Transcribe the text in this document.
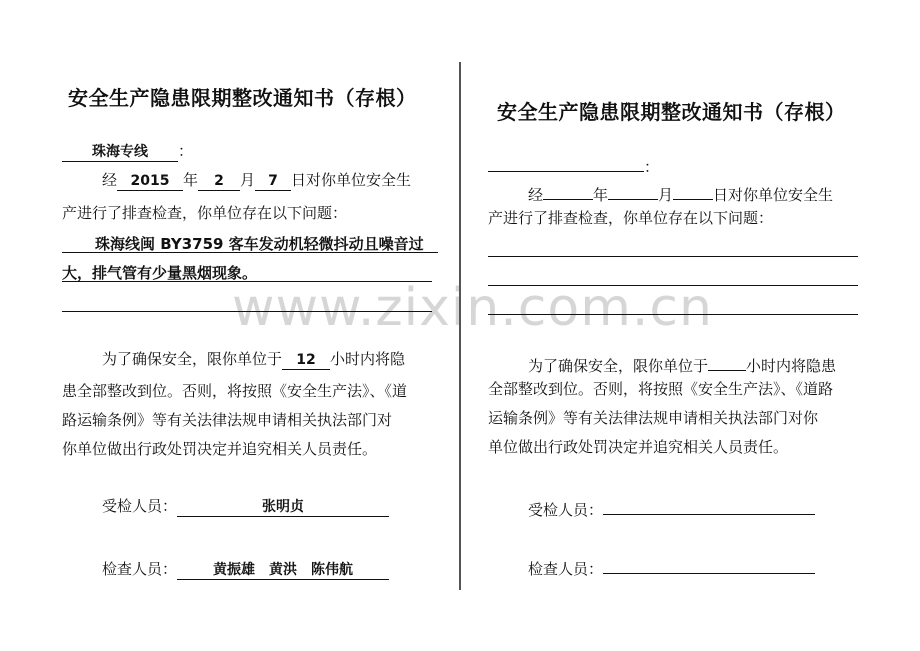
www.zixin.com.cn
安全生产隐患限期整改通知书（存根）
珠海专线 ：
经 2015 年 2 月 7 日对你单位安全生
产进行了排查检查，你单位存在以下问题：
珠海线闽 BY3759 客车发动机轻微抖动且噪音过
大，排气管有少量黑烟现象。
为了确保安全，限你单位于 12 小时内将隐
患全部整改到位。否则，将按照《安全生产法》、《道
路运输条例》等有关法律法规申请相关执法部门对
你单位做出行政处罚决定并追究相关人员责任。
受检人员：	张明贞
检查人员：	黄振雄　黄洪　陈伟航
安全生产隐患限期整改通知书（存根）
：
经	年	月	日对你单位安全生
产进行了排查检查，你单位存在以下问题：
为了确保安全，限你单位于	小时内将隐患
全部整改到位。否则，将按照《安全生产法》、《道路
运输条例》等有关法律法规申请相关执法部门对你
单位做出行政处罚决定并追究相关人员责任。
受检人员：
检查人员：
